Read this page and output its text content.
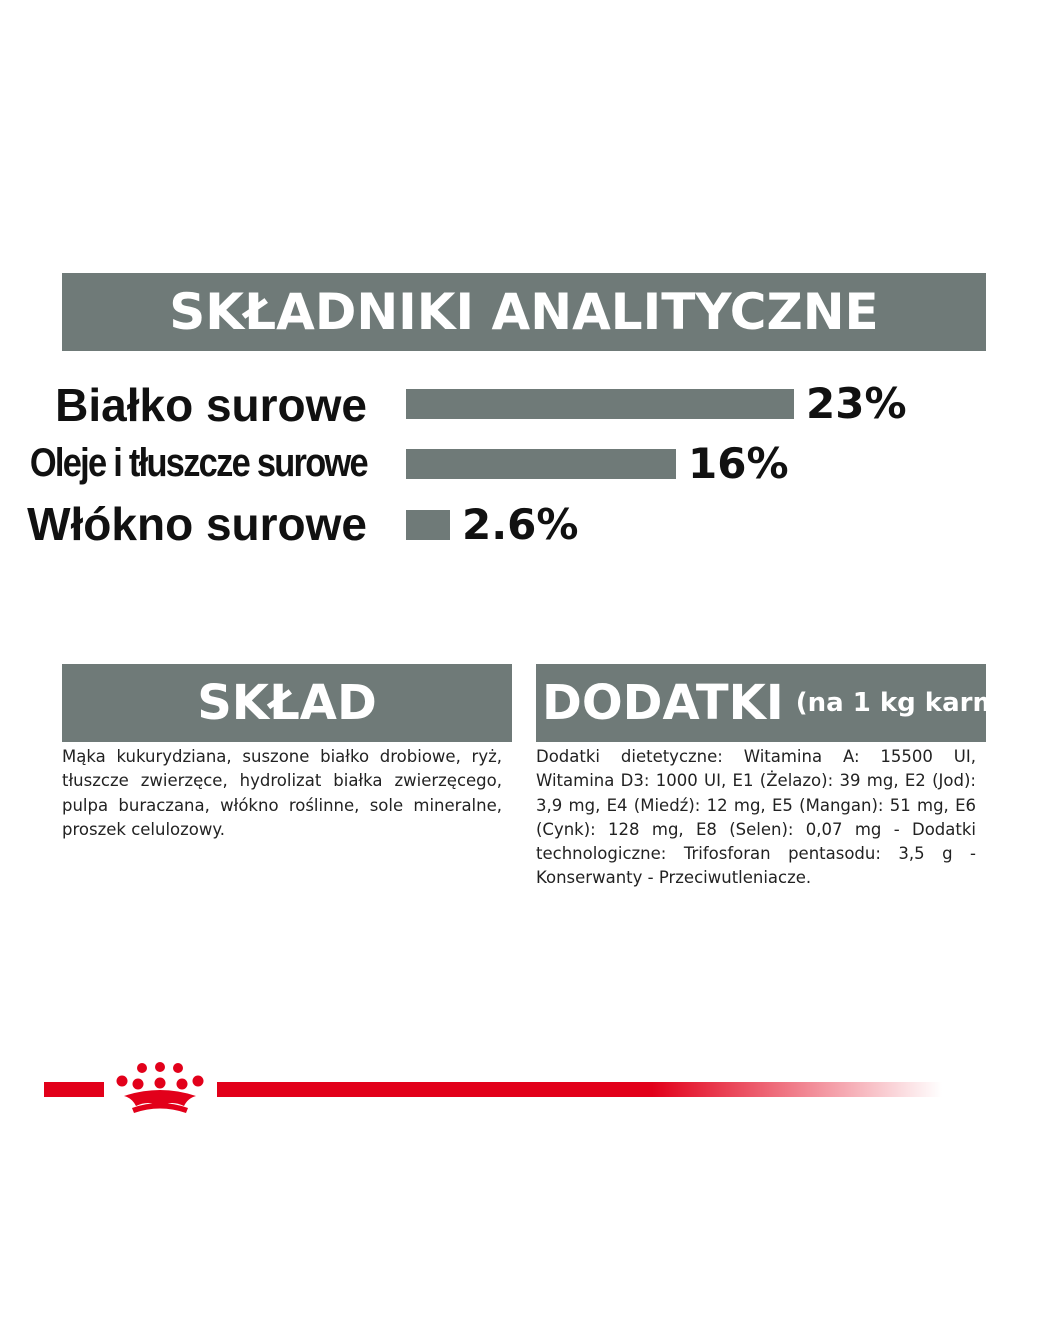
SKŁADNIKI ANALITYCZNE
Białko surowe	23%
Oleje i tłuszcze surowe	16%
Włókno surowe 2.6%
SKŁAD

Mąka kukurydziana, suszone białko drobiowe, ryż, tłuszcze zwierzęce, hydrolizat białka zwierzęcego, pulpa buraczana, włókno roślinne, sole mineralne, proszek celulozowy.

DODATKI (na 1 kg karmy)

Dodatki dietetyczne: Witamina A: 15500 UI, Witamina D3: 1000 UI, E1 (Żelazo): 39 mg, E2 (Jod): 3,9 mg, E4 (Miedź): 12 mg, E5 (Mangan): 51 mg, E6 (Cynk): 128 mg, E8 (Selen): 0,07 mg - Dodatki technologiczne: Trifosforan pentasodu: 3,5 g - Konserwanty - Przeciwutleniacze.
